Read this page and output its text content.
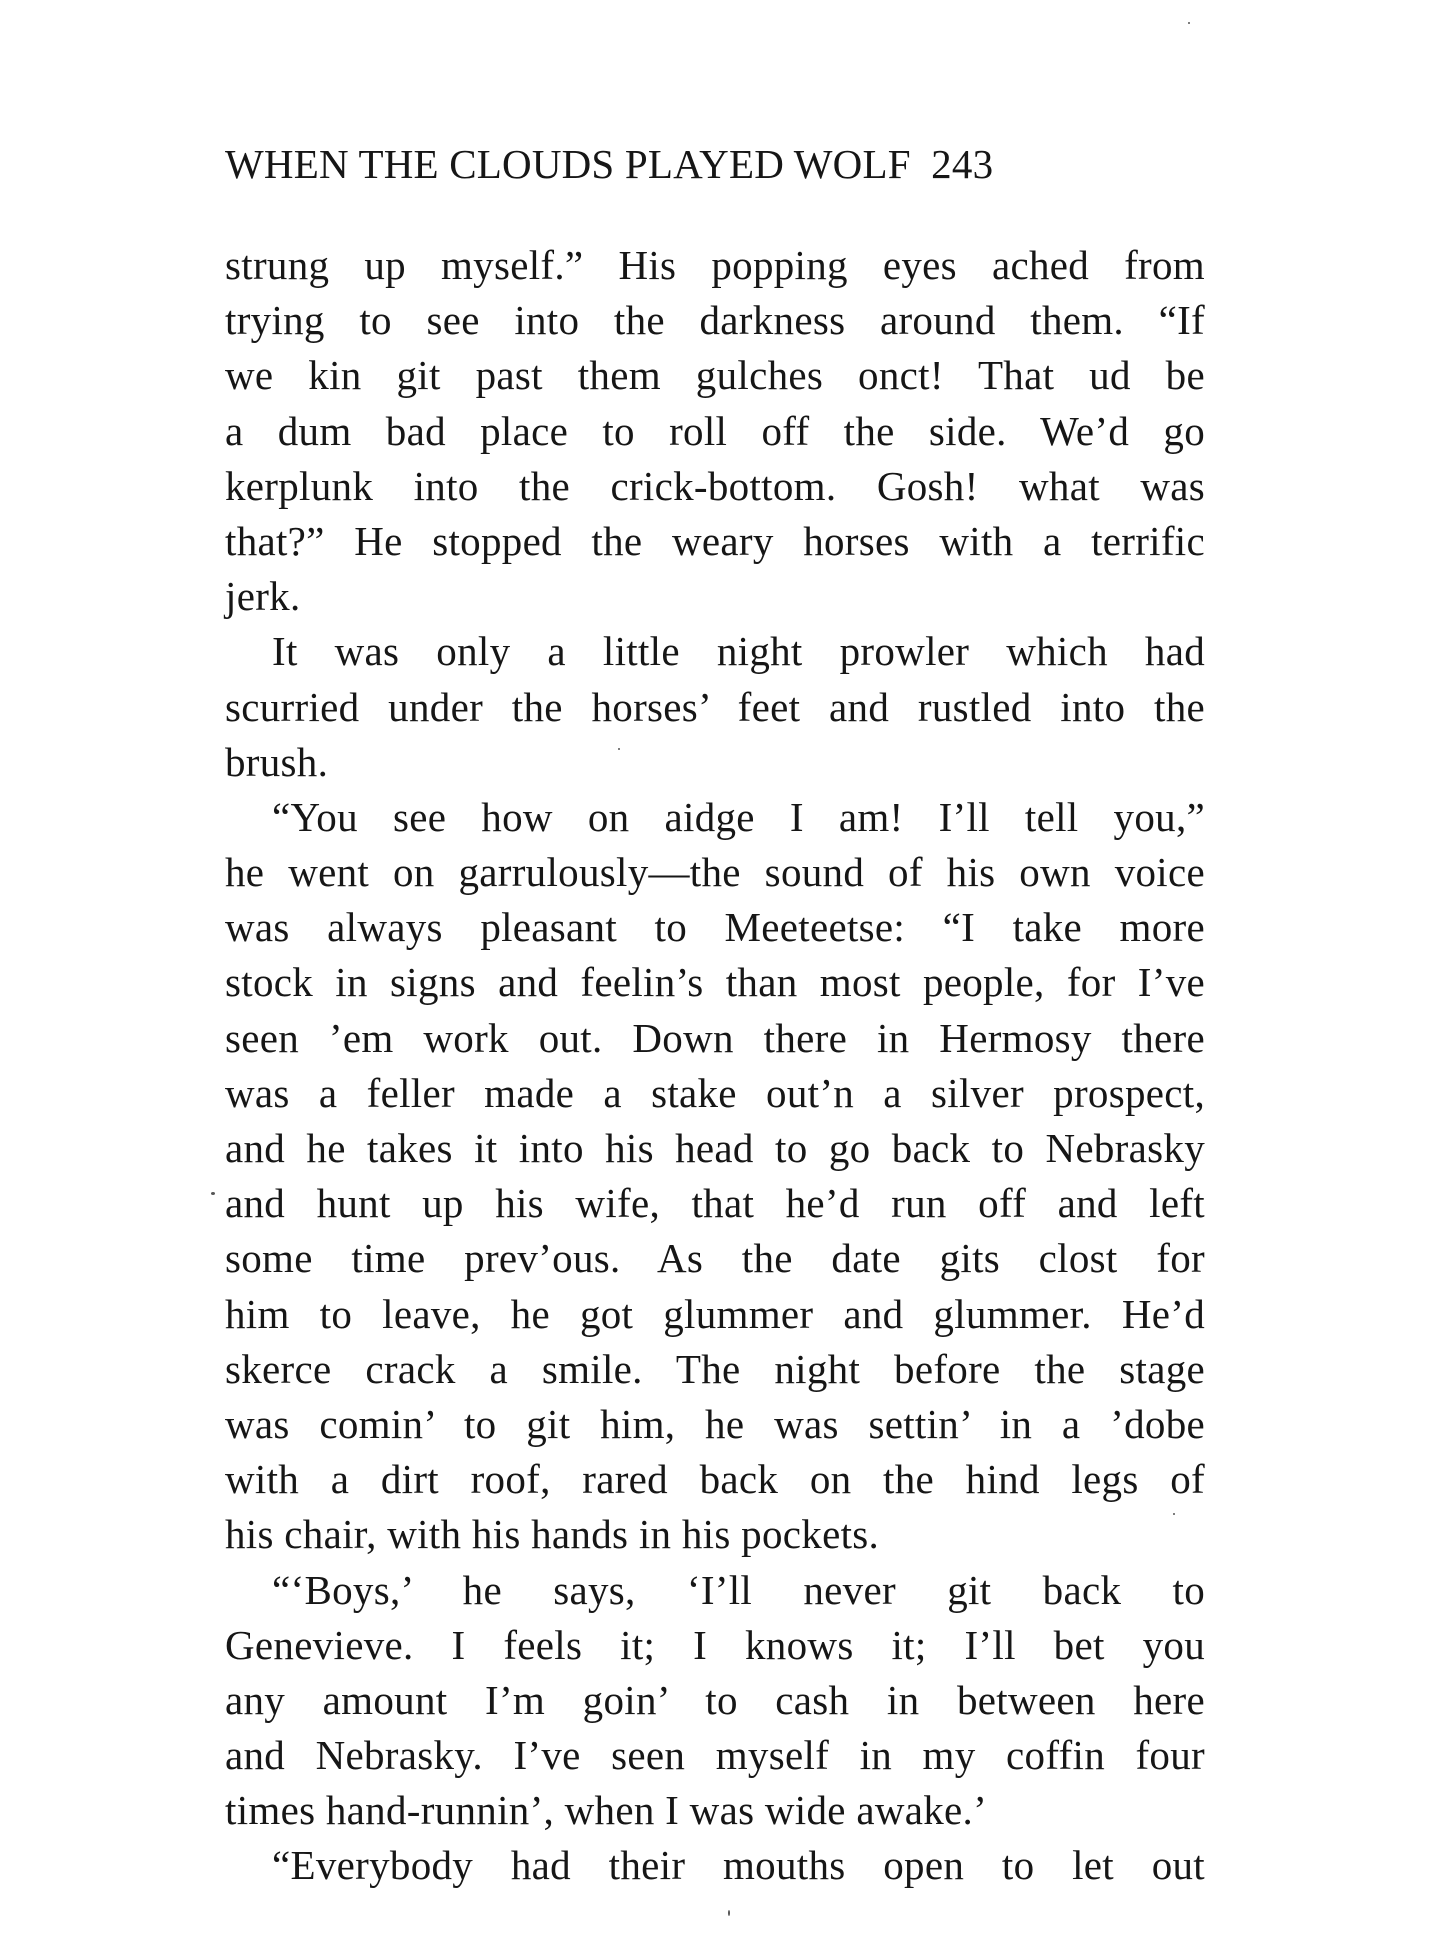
WHEN THE CLOUDS PLAYED WOLF 243
strung up myself.” His popping eyes ached from
trying to see into the darkness around them. “If
we kin git past them gulches onct! That ud be
a dum bad place to roll off the side. We’d go
kerplunk into the crick-bottom. Gosh! what was
that?” He stopped the weary horses with a terrific
jerk.
It was only a little night prowler which had
scurried under the horses’ feet and rustled into the
brush.
“You see how on aidge I am! I’ll tell you,”
he went on garrulously—the sound of his own voice
was always pleasant to Meeteetse: “I take more
stock in signs and feelin’s than most people, for I’ve
seen ’em work out. Down there in Hermosy there
was a feller made a stake out’n a silver prospect,
and he takes it into his head to go back to Nebrasky
and hunt up his wife, that he’d run off and left
some time prev’ous. As the date gits clost for
him to leave, he got glummer and glummer. He’d
skerce crack a smile. The night before the stage
was comin’ to git him, he was settin’ in a ’dobe
with a dirt roof, rared back on the hind legs of
his chair, with his hands in his pockets.
“‘Boys,’ he says, ‘I’ll never git back to
Genevieve. I feels it; I knows it; I’ll bet you
any amount I’m goin’ to cash in between here
and Nebrasky. I’ve seen myself in my coffin four
times hand-runnin’, when I was wide awake.’
“Everybody had their mouths open to let out
